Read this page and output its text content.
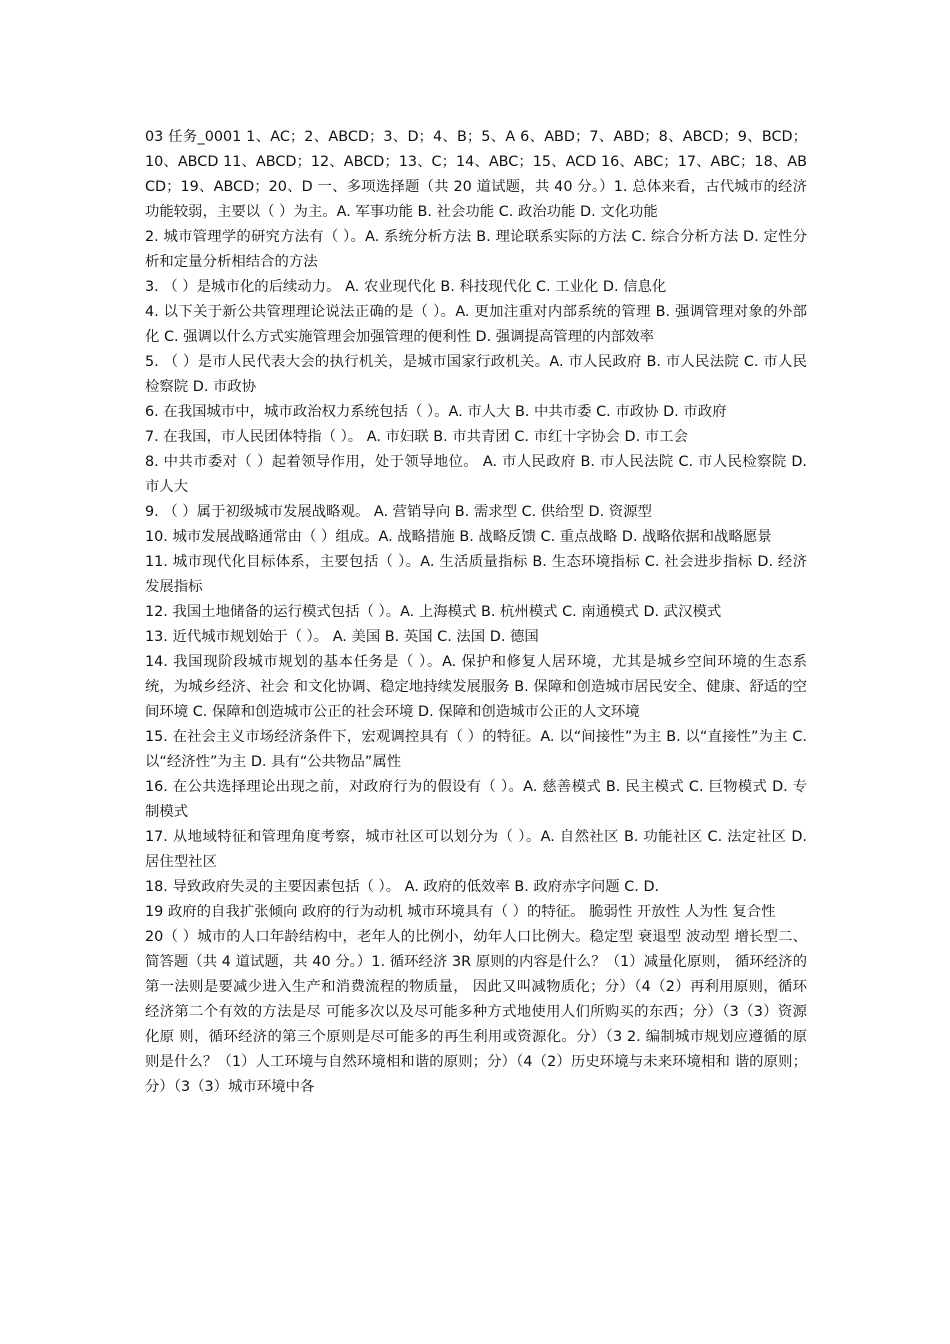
03 任务_0001 1、AC；2、ABCD；3、D；4、B；5、A 6、ABD；7、ABD；8、ABCD；9、BCD；10、ABCD 11、ABCD；12、ABCD；13、C；14、ABC；15、ACD 16、ABC；17、ABC；18、ABCD；19、ABCD；20、D 一、多项选择题（共 20 道试题，共 40 分。）1. 总体来看，古代城市的经济功能较弱，主要以（ ）为主。A. 军事功能 B. 社会功能 C. 政治功能 D. 文化功能

2. 城市管理学的研究方法有（ ）。A. 系统分析方法 B. 理论联系实际的方法 C. 综合分析方法 D. 定性分析和定量分析相结合的方法

3. （ ）是城市化的后续动力。 A. 农业现代化 B. 科技现代化 C. 工业化 D. 信息化

4. 以下关于新公共管理理论说法正确的是（ ）。A. 更加注重对内部系统的管理 B. 强调管理对象的外部化 C. 强调以什么方式实施管理会加强管理的便利性 D. 强调提高管理的内部效率

5. （ ）是市人民代表大会的执行机关，是城市国家行政机关。A. 市人民政府 B. 市人民法院 C. 市人民检察院 D. 市政协

6. 在我国城市中，城市政治权力系统包括（ ）。A. 市人大 B. 中共市委 C. 市政协 D. 市政府

7. 在我国，市人民团体特指（ ）。 A. 市妇联 B. 市共青团 C. 市红十字协会 D. 市工会

8. 中共市委对（ ）起着领导作用，处于领导地位。 A. 市人民政府 B. 市人民法院 C. 市人民检察院 D. 市人大

9. （ ）属于初级城市发展战略观。 A. 营销导向 B. 需求型 C. 供给型 D. 资源型

10. 城市发展战略通常由（ ）组成。A. 战略措施 B. 战略反馈 C. 重点战略 D. 战略依据和战略愿景

11. 城市现代化目标体系，主要包括（ ）。A. 生活质量指标 B. 生态环境指标 C. 社会进步指标 D. 经济发展指标

12. 我国土地储备的运行模式包括（ ）。A. 上海模式 B. 杭州模式 C. 南通模式 D. 武汉模式

13. 近代城市规划始于（ ）。 A. 美国 B. 英国 C. 法国 D. 德国

14. 我国现阶段城市规划的基本任务是（ ）。A. 保护和修复人居环境，尤其是城乡空间环境的生态系统，为城乡经济、社会 和文化协调、稳定地持续发展服务 B. 保障和创造城市居民安全、健康、舒适的空间环境 C. 保障和创造城市公正的社会环境 D. 保障和创造城市公正的人文环境

15. 在社会主义市场经济条件下，宏观调控具有（ ）的特征。A. 以“间接性”为主 B. 以“直接性”为主 C. 以“经济性”为主 D. 具有“公共物品”属性

16. 在公共选择理论出现之前，对政府行为的假设有（ ）。A. 慈善模式 B. 民主模式 C. 巨物模式 D. 专制模式

17. 从地域特征和管理角度考察，城市社区可以划分为（ ）。A. 自然社区 B. 功能社区 C. 法定社区 D. 居住型社区

18. 导致政府失灵的主要因素包括（ ）。 A. 政府的低效率 B. 政府赤字问题 C. D.

19 政府的自我扩张倾向 政府的行为动机 城市环境具有（ ）的特征。 脆弱性 开放性 人为性 复合性

20（ ）城市的人口年龄结构中，老年人的比例小，幼年人口比例大。稳定型 衰退型 波动型 增长型二、简答题（共 4 道试题，共 40 分。）1. 循环经济 3R 原则的内容是什么？（1）减量化原则， 循环经济的第一法则是要减少进入生产和消费流程的物质量， 因此又叫减物质化；分）（4（2）再利用原则，循环经济第二个有效的方法是尽 可能多次以及尽可能多种方式地使用人们所购买的东西；分）（3（3）资源化原 则，循环经济的第三个原则是尽可能多的再生利用或资源化。分）（3 2. 编制城市规划应遵循的原则是什么？（1）人工环境与自然环境相和谐的原则；分）（4（2）历史环境与未来环境相和 谐的原则；分）（3（3）城市环境中各
